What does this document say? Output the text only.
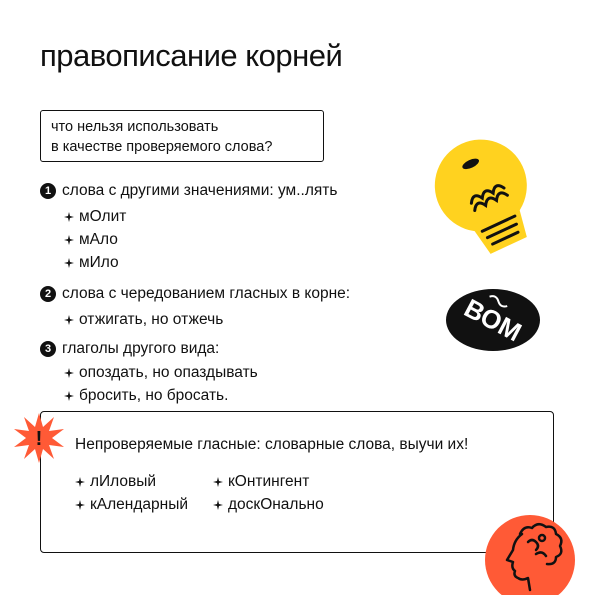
правописание корней
что нельзя использовать
в качестве проверяемого слова?
1 слова с другими значениями: ум..лять
мОлит
мАло
мИло
2 слова с чередованием гласных в корне:
отжигать, но отжечь
3 глаголы другого вида:
опоздать, но опаздывать
бросить, но бросать.
Непроверяемые гласные: словарные слова, выучи их!
лИловый
кАлендарный
кОнтингент
доскОнально
!
ВОМ
